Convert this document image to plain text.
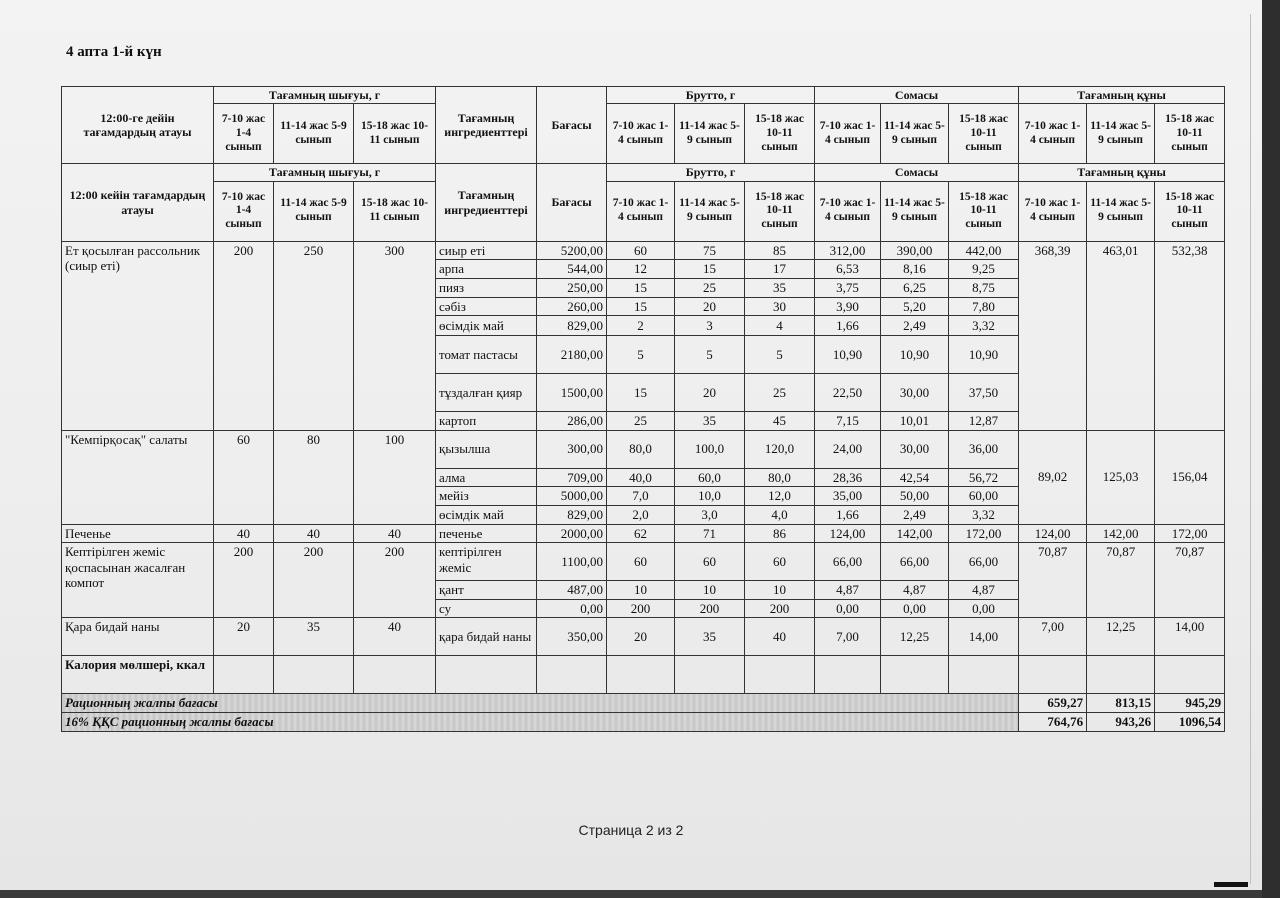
4 апта 1-й күн
12:00-ге дейін тағамдардың атауы	Тағамның шығуы, г			Тағамның ингредиенттері	Бағасы	Брутто, г			Сомасы			Тағамның құны		
	7-10 жас 1-4 сынып	11-14 жас 5-9 сынып	15-18 жас 10-11 сынып			7-10 жас 1-4 сынып	11-14 жас 5-9 сынып	15-18 жас 10-11 сынып	7-10 жас 1-4 сынып	11-14 жас 5-9 сынып	15-18 жас 10-11 сынып	7-10 жас 1-4 сынып	11-14 жас 5-9 сынып	15-18 жас 10-11 сынып
12:00 кейін тағамдардың атауы	Тағамның шығуы, г			Тағамның ингредиенттері	Бағасы	Брутто, г			Сомасы			Тағамның құны		
	7-10 жас 1-4 сынып	11-14 жас 5-9 сынып	15-18 жас 10-11 сынып			7-10 жас 1-4 сынып	11-14 жас 5-9 сынып	15-18 жас 10-11 сынып	7-10 жас 1-4 сынып	11-14 жас 5-9 сынып	15-18 жас 10-11 сынып	7-10 жас 1-4 сынып	11-14 жас 5-9 сынып	15-18 жас 10-11 сынып
Ет қосылған рассольник (сиыр еті)	200	250	300	сиыр еті	5200,00	60	75	85	312,00	390,00	442,00	368,39	463,01	532,38
				арпа	544,00	12	15	17	6,53	8,16	9,25			
				пияз	250,00	15	25	35	3,75	6,25	8,75			
				сәбіз	260,00	15	20	30	3,90	5,20	7,80			
				өсімдік май	829,00	2	3	4	1,66	2,49	3,32			
				томат пастасы	2180,00	5	5	5	10,90	10,90	10,90			
				тұздалған қияр	1500,00	15	20	25	22,50	30,00	37,50			
				картоп	286,00	25	35	45	7,15	10,01	12,87			
"Кемпірқосақ" салаты	60	80	100	қызылша	300,00	80,0	100,0	120,0	24,00	30,00	36,00	89,02	125,03	156,04
				алма	709,00	40,0	60,0	80,0	28,36	42,54	56,72			
				мейіз	5000,00	7,0	10,0	12,0	35,00	50,00	60,00			
				өсімдік май	829,00	2,0	3,0	4,0	1,66	2,49	3,32			
Печенье	40	40	40	печенье	2000,00	62	71	86	124,00	142,00	172,00	124,00	142,00	172,00
Кептірілген жеміс қоспасынан жасалған компот	200	200	200	кептірілген жеміс	1100,00	60	60	60	66,00	66,00	66,00	70,87	70,87	70,87
				қант	487,00	10	10	10	4,87	4,87	4,87			
				су	0,00	200	200	200	0,00	0,00	0,00			
Қара бидай наны	20	35	40	қара бидай наны	350,00	20	35	40	7,00	12,25	14,00	7,00	12,25	14,00
Калория мөлшері, ккал														
Рационның жалпы бағасы												659,27	813,15	945,29
16% ҚҚС рационның жалпы бағасы												764,76	943,26	1096,54
Страница 2 из 2
